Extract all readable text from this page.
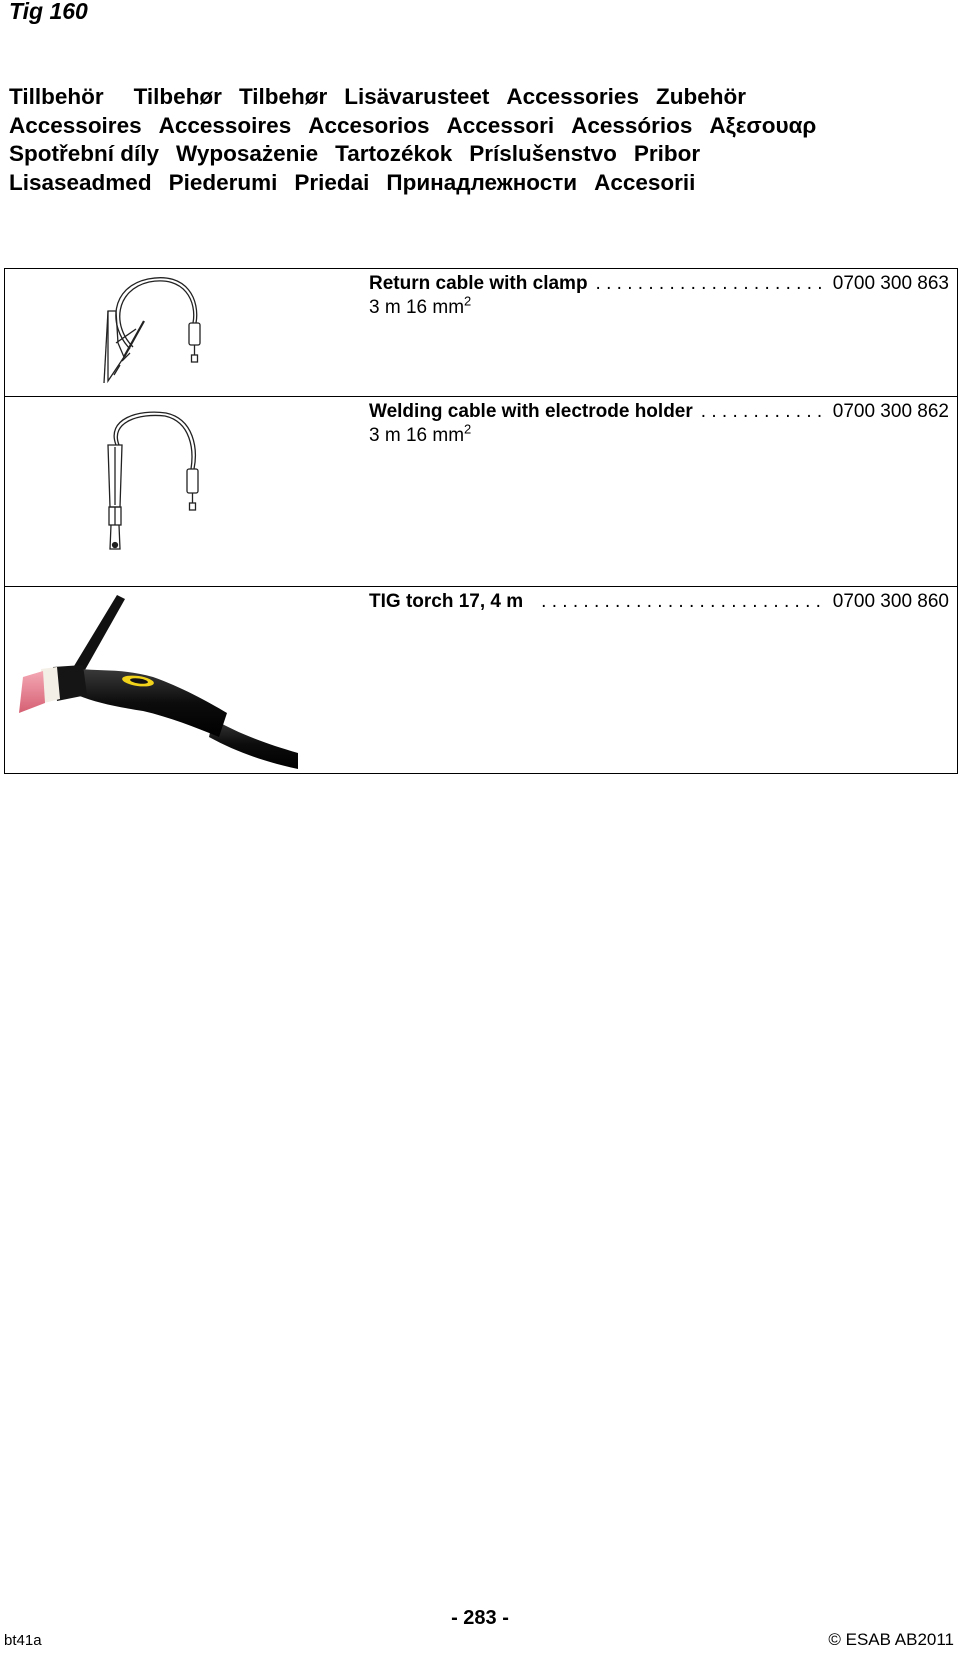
Tig 160
Tillbehör Tilbehør Tilbehør Lisävarusteet Accessories Zubehör
Accessoires Accessoires Accesorios Accessori Acessórios Αξεσουαρ
Spotřební díly Wyposażenie Tartozékok Príslušenstvo Pribor
Lisaseadmed Piederumi Priedai Принадлежности Accesorii
Return cable with clamp . . .	0700 300 863
3 m 16 $mm^2$
Welding cable with electrode holder . . .	0700 300 862
3 m 16 $mm^2$
TIG torch 17, 4 m . . .	0700 300 860
- 283 -
bt41a	© ESAB AB2011
